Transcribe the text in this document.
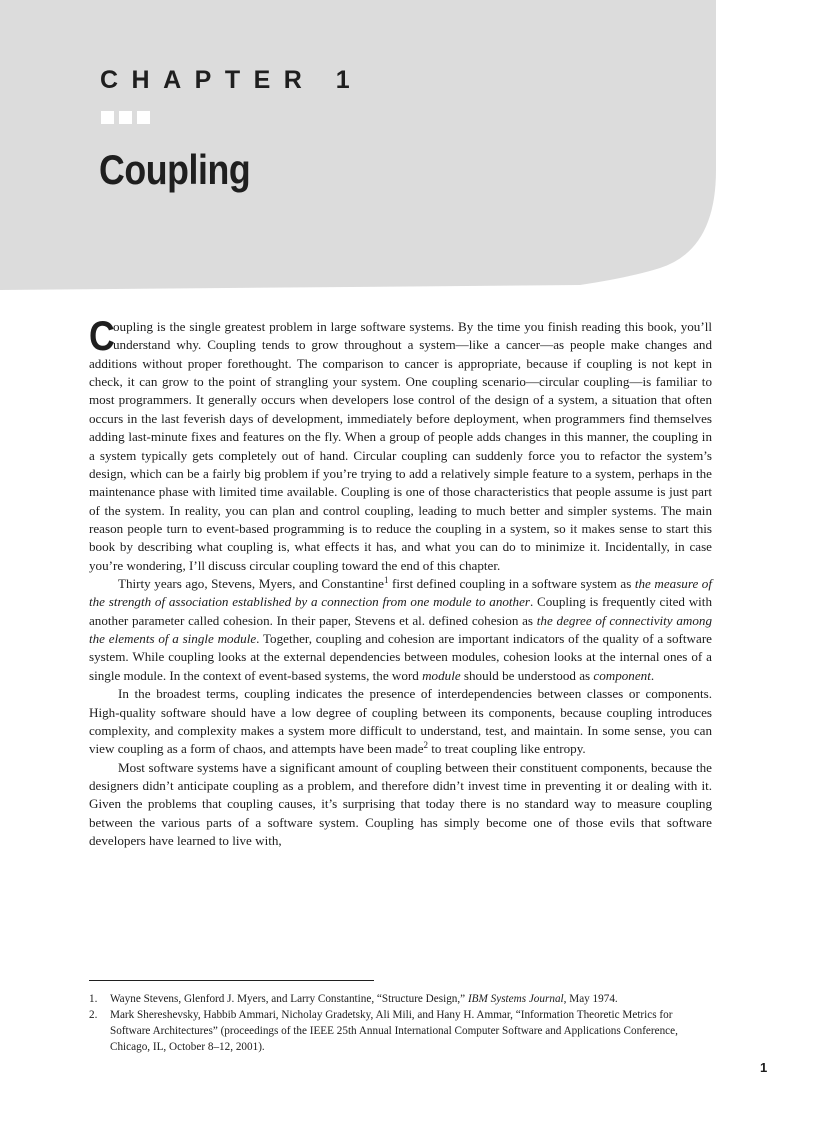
CHAPTER 1
Coupling

C
oupling is the single greatest problem in large software systems. By the time you finish reading this book, you’ll understand why. Coupling tends to grow throughout a system—like a cancer—as people make changes and additions without proper forethought. The comparison to cancer is appropriate, because if coupling is not kept in check, it can grow to the point of strangling your system. One coupling scenario—circular coupling—is familiar to most programmers. It generally occurs when developers lose control of the design of a system, a situation that often occurs in the last feverish days of development, immediately before deployment, when programmers find themselves adding last-minute fixes and features on the fly. When a group of people adds changes in this manner, the coupling in a system typically gets completely out of hand. Circular coupling can suddenly force you to refactor the system’s design, which can be a fairly big problem if you’re trying to add a relatively simple feature to a system, perhaps in the maintenance phase with limited time available. Coupling is one of those characteristics that people assume is just part of the system. In reality, you can plan and control coupling, leading to much better and simpler systems. The main reason people turn to event-based programming is to reduce the coupling in a system, so it makes sense to start this book by describing what coupling is, what effects it has, and what you can do to minimize it. Incidentally, in case you’re wondering, I’ll discuss circular coupling toward the end of this chapter.

Thirty years ago, Stevens, Myers, and Constantine$^1$ first defined coupling in a software system as the measure of the strength of association established by a connection from one module to another. Coupling is frequently cited with another parameter called cohesion. In their paper, Stevens et al. defined cohesion as the degree of connectivity among the elements of a single module. Together, coupling and cohesion are important indicators of the quality of a software system. While coupling looks at the external dependencies between modules, cohesion looks at the internal ones of a single module. In the context of event-based systems, the word module should be understood as component.

In the broadest terms, coupling indicates the presence of interdependencies between classes or components. High-quality software should have a low degree of coupling between its components, because coupling introduces complexity, and complexity makes a system more difficult to understand, test, and maintain. In some sense, you can view coupling as a form of chaos, and attempts have been made$^2$ to treat coupling like entropy.

Most software systems have a significant amount of coupling between their constituent components, because the designers didn’t anticipate coupling as a problem, and therefore didn’t invest time in preventing it or dealing with it. Given the problems that coupling causes, it’s surprising that today there is no standard way to measure coupling between the various parts of a software system. Coupling has simply become one of those evils that software developers have learned to live with,

1. Wayne Stevens, Glenford J. Myers, and Larry Constantine, “Structure Design,” IBM Systems Journal, May 1974.
2. Mark Shereshevsky, Habbib Ammari, Nicholay Gradetsky, Ali Mili, and Hany H. Ammar, “Information Theoretic Metrics for Software Architectures” (proceedings of the IEEE 25th Annual International Computer Software and Applications Conference, Chicago, IL, October 8–12, 2001).
1
